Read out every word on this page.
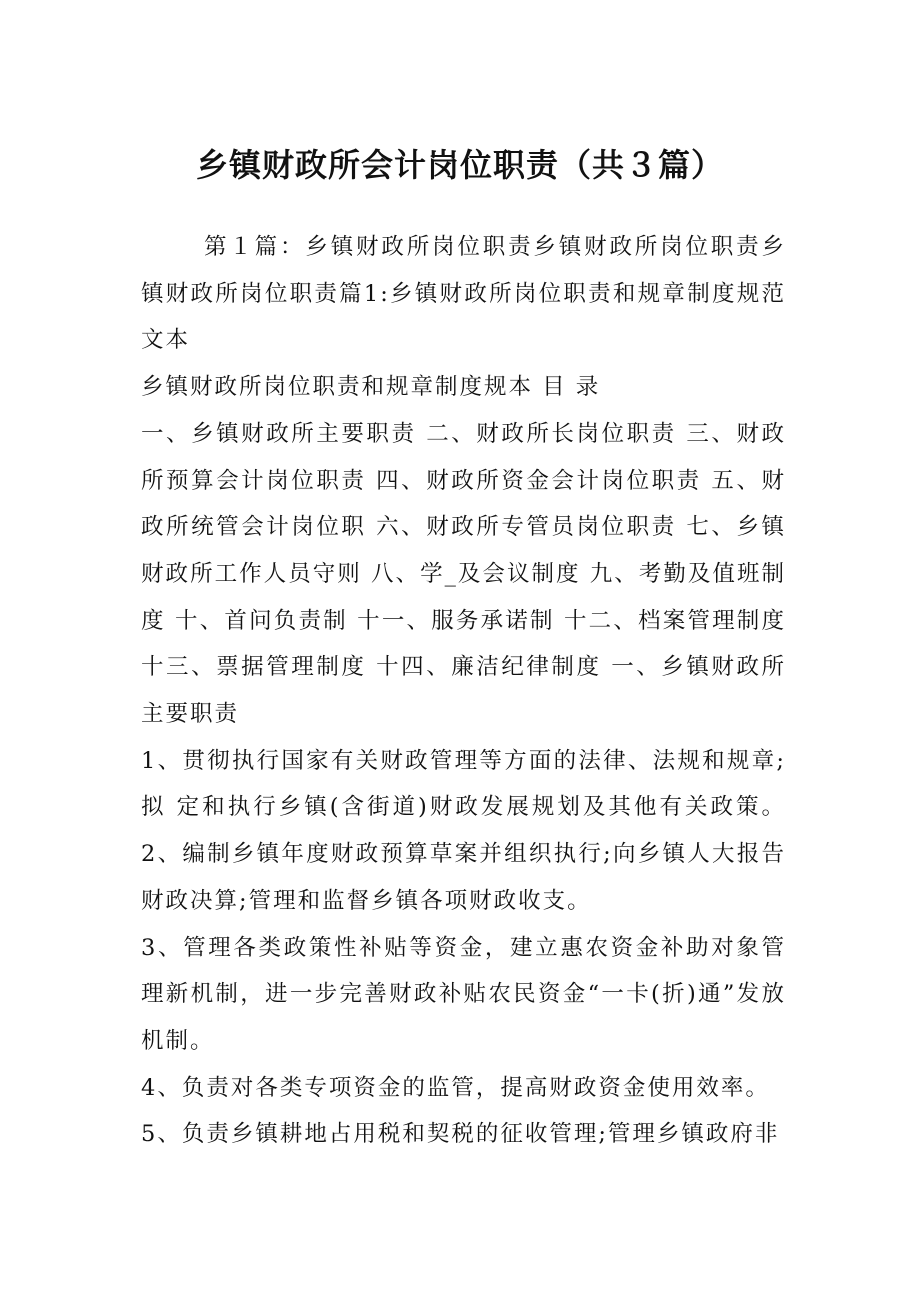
乡镇财政所会计岗位职责（共３篇）

第１篇：乡镇财政所岗位职责乡镇财政所岗位职责乡镇财政所岗位职责篇1:乡镇财政所岗位职责和规章制度规范 文本

乡镇财政所岗位职责和规章制度规本 目 录

一、乡镇财政所主要职责 二、财政所长岗位职责 三、财政所预算会计岗位职责 四、财政所资金会计岗位职责 五、财政所统管会计岗位职 六、财政所专管员岗位职责 七、乡镇财政所工作人员守则 八、学_及会议制度 九、考勤及值班制度 十、首问负责制 十一、服务承诺制 十二、档案管理制度 十三、票据管理制度 十四、廉洁纪律制度 一、乡镇财政所主要职责

1、贯彻执行国家有关财政管理等方面的法律、法规和规章;拟 定和执行乡镇(含街道)财政发展规划及其他有关政策。2、编制乡镇年度财政预算草案并组织执行;向乡镇人大报告财政决算;管理和监督乡镇各项财政收支。

3、管理各类政策性补贴等资金，建立惠农资金补助对象管理新机制，进一步完善财政补贴农民资金“一卡(折)通”发放机制。

4、负责对各类专项资金的监管，提高财政资金使用效率。

5、负责乡镇耕地占用税和契税的征收管理;管理乡镇政府非
